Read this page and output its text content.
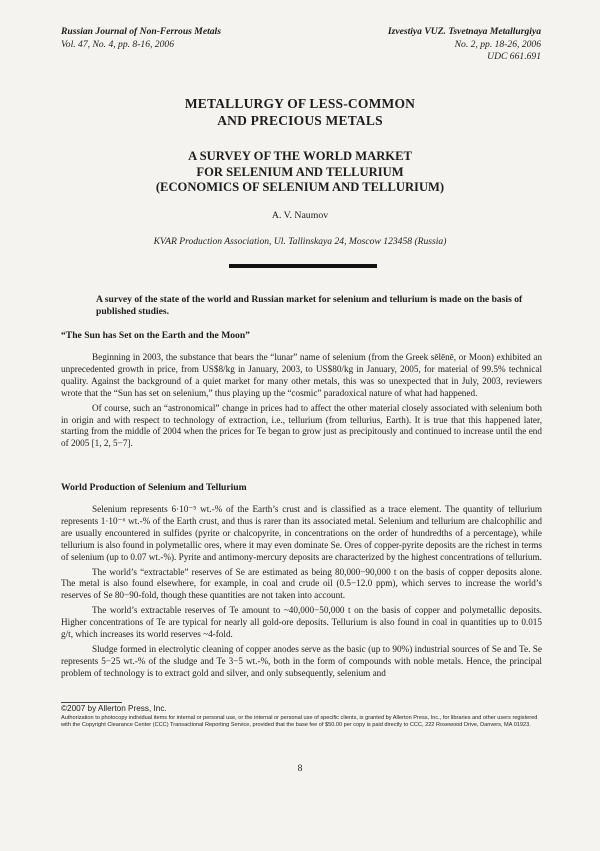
Russian Journal of Non-Ferrous Metals
Vol. 47, No. 4, pp. 8-16, 2006
Izvestiya VUZ. Tsvetnaya Metallurgiya
No. 2, pp. 18-26, 2006
UDC 661.691
METALLURGY OF LESS-COMMON
AND PRECIOUS METALS
A SURVEY OF THE WORLD MARKET
FOR SELENIUM AND TELLURIUM
(ECONOMICS OF SELENIUM AND TELLURIUM)
A. V. Naumov
KVAR Production Association, Ul. Tallinskaya 24, Moscow 123458 (Russia)
A survey of the state of the world and Russian market for selenium and tellurium is made on the basis of published studies.
“The Sun has Set on the Earth and the Moon”

Beginning in 2003, the substance that bears the “lunar” name of selenium (from the Greek sēlēnē, or Moon) exhibited an unprecedented growth in price, from US$8/kg in January, 2003, to US$80/kg in January, 2005, for material of 99.5% technical quality. Against the background of a quiet market for many other metals, this was so unexpected that in July, 2003, reviewers wrote that the “Sun has set on selenium,” thus playing up the “cosmic” paradoxical nature of what had happened.

Of course, such an “astronomical” change in prices had to affect the other material closely associated with selenium both in origin and with respect to technology of extraction, i.e., tellurium (from tellurius, Earth). It is true that this happened later, starting from the middle of 2004 when the prices for Te began to grow just as precipitously and continued to increase until the end of 2005 [1, 2, 5−7].

World Production of Selenium and Tellurium

Selenium represents 6·10⁻⁵ wt.-% of the Earth’s crust and is classified as a trace element. The quantity of tellurium represents 1·10⁻⁶ wt.-% of the Earth crust, and thus is rarer than its associated metal. Selenium and tellurium are chalcophilic and are usually encountered in sulfides (pyrite or chalcopyrite, in concentrations on the order of hundredths of a percentage), while tellurium is also found in polymetallic ores, where it may even dominate Se. Ores of copper-pyrite deposits are the richest in terms of selenium (up to 0.07 wt.-%). Pyrite and antimony-mercury deposits are characterized by the highest concentrations of tellurium.

The world’s “extractable” reserves of Se are estimated as being 80,000−90,000 t on the basis of copper deposits alone. The metal is also found elsewhere, for example, in coal and crude oil (0.5−12.0 ppm), which serves to increase the world’s reserves of Se 80−90-fold, though these quantities are not taken into account.

The world’s extractable reserves of Te amount to ~40,000−50,000 t on the basis of copper and polymetallic deposits. Higher concentrations of Te are typical for nearly all gold-ore deposits. Tellurium is also found in coal in quantities up to 0.015 g/t, which increases its world reserves ~4-fold.

Sludge formed in electrolytic cleaning of copper anodes serve as the basic (up to 90%) industrial sources of Se and Te. Se represents 5−25 wt.-% of the sludge and Te 3−5 wt.-%, both in the form of compounds with noble metals. Hence, the principal problem of technology is to extract gold and silver, and only subsequently, selenium and

©2007 by Allerton Press, Inc.
Authorization to photocopy individual items for internal or personal use, or the internal or personal use of specific clients, is granted by Allerton Press, Inc., for libraries and other users registered with the Copyright Clearance Center (CCC) Transactional Reporting Service, provided that the base fee of $50.00 per copy is paid directly to CCC, 222 Rosewood Drive, Danvers, MA 01923.
8
